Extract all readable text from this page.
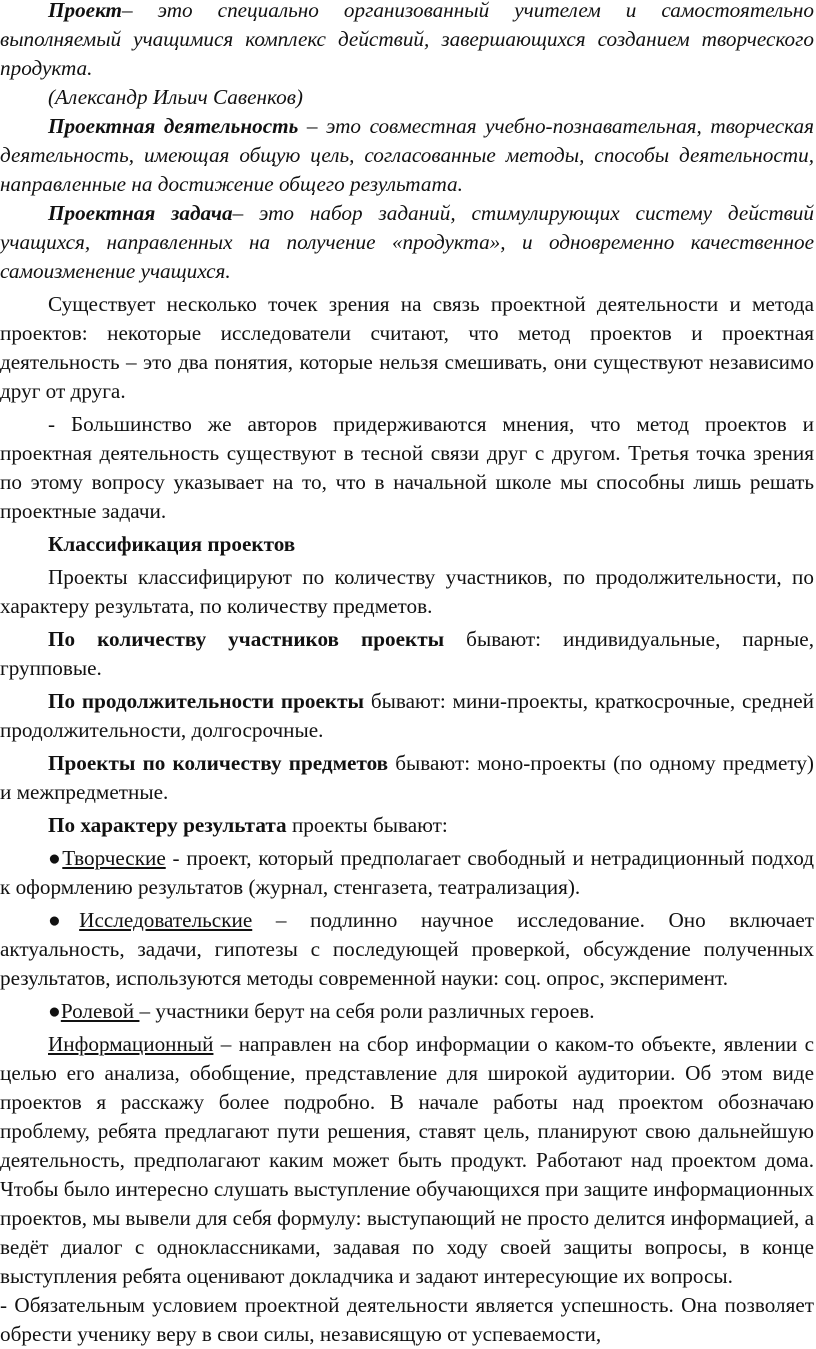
Проект– это специально организованный учителем и самостоятельно выполняемый учащимися комплекс действий, завершающихся созданием творческого продукта.

(Александр Ильич Савенков)

Проектная деятельность – это совместная учебно-познавательная, творческая деятельность, имеющая общую цель, согласованные методы, способы деятельности, направленные на достижение общего результата.

Проектная задача– это набор заданий, стимулирующих систему действий учащихся, направленных на получение «продукта», и одновременно качественное самоизменение учащихся.

Существует несколько точек зрения на связь проектной деятельности и метода проектов: некоторые исследователи считают, что метод проектов и проектная деятельность – это два понятия, которые нельзя смешивать, они существуют независимо друг от друга.

- Большинство же авторов придерживаются мнения, что метод проектов и проектная деятельность существуют в тесной связи друг с другом. Третья точка зрения по этому вопросу указывает на то, что в начальной школе мы способны лишь решать проектные задачи.

Классификация проектов

Проекты классифицируют по количеству участников, по продолжительности, по характеру результата, по количеству предметов.

По количеству участников проекты бывают: индивидуальные, парные, групповые.

По продолжительности проекты бывают: мини-проекты, краткосрочные, средней продолжительности, долгосрочные.

Проекты по количеству предметов бывают: моно-проекты (по одному предмету) и межпредметные.

По характеру результата проекты бывают:

●Творческие - проект, который предполагает свободный и нетрадиционный подход к оформлению результатов (журнал, стенгазета, театрализация).

●Исследовательские – подлинно научное исследование. Оно включает актуальность, задачи, гипотезы с последующей проверкой, обсуждение полученных результатов, используются методы современной науки: соц. опрос, эксперимент.

●Ролевой – участники берут на себя роли различных героев.

Информационный – направлен на сбор информации о каком-то объекте, явлении с целью его анализа, обобщение, представление для широкой аудитории. Об этом виде проектов я расскажу более подробно. В начале работы над проектом обозначаю проблему, ребята предлагают пути решения, ставят цель, планируют свою дальнейшую деятельность, предполагают каким может быть продукт. Работают над проектом дома. Чтобы было интересно слушать выступление обучающихся при защите информационных проектов, мы вывели для себя формулу: выступающий не просто делится информацией, а ведёт диалог с одноклассниками, задавая по ходу своей защиты вопросы, в конце выступления ребята оценивают докладчика и задают интересующие их вопросы.

- Обязательным условием проектной деятельности является успешность. Она позволяет обрести ученику веру в свои силы, независящую от успеваемости,
